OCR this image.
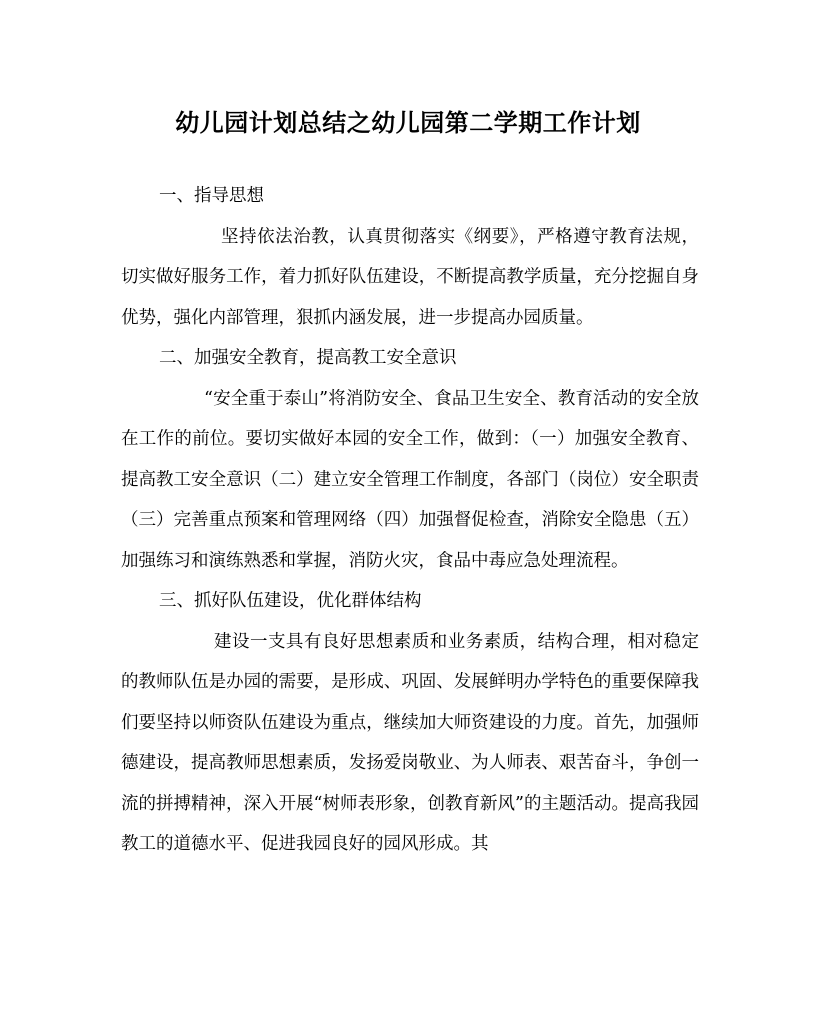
幼儿园计划总结之幼儿园第二学期工作计划

一、指导思想

坚持依法治教，认真贯彻落实《纲要》，严格遵守教育法规，切实做好服务工作，着力抓好队伍建设，不断提高教学质量，充分挖掘自身优势，强化内部管理，狠抓内涵发展，进一步提高办园质量。

二、加强安全教育，提高教工安全意识

“安全重于泰山”将消防安全、食品卫生安全、教育活动的安全放在工作的前位。要切实做好本园的安全工作，做到：（一）加强安全教育、提高教工安全意识（二）建立安全管理工作制度，各部门（岗位）安全职责（三）完善重点预案和管理网络（四）加强督促检查，消除安全隐患（五）加强练习和演练熟悉和掌握，消防火灾，食品中毒应急处理流程。

三、抓好队伍建设，优化群体结构

建设一支具有良好思想素质和业务素质，结构合理，相对稳定的教师队伍是办园的需要，是形成、巩固、发展鲜明办学特色的重要保障我们要坚持以师资队伍建设为重点，继续加大师资建设的力度。首先，加强师德建设，提高教师思想素质，发扬爱岗敬业、为人师表、艰苦奋斗，争创一流的拼搏精神，深入开展“树师表形象，创教育新风”的主题活动。提高我园教工的道德水平、促进我园良好的园风形成。其
